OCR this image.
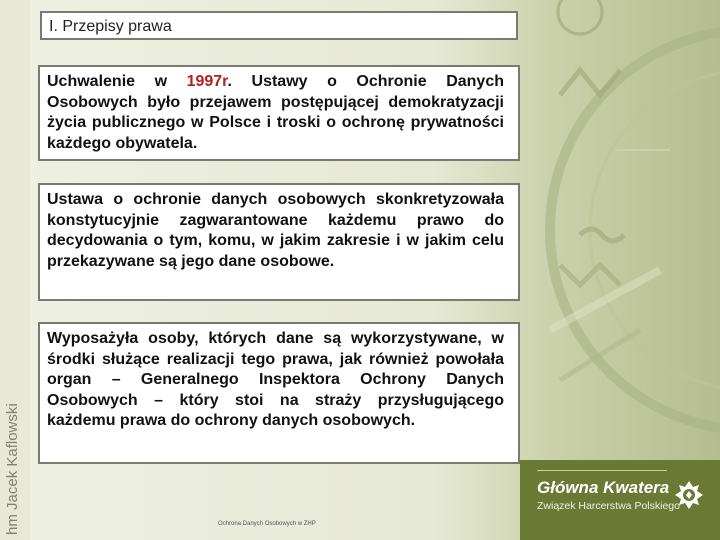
I. Przepisy prawa
Uchwalenie w 1997r. Ustawy o Ochronie Danych Osobowych było przejawem postępującej demokratyzacji życia publicznego w Polsce i troski o ochronę prywatności każdego obywatela.
Ustawa o ochronie danych osobowych skonkretyzowała konstytucyjnie zagwarantowane każdemu prawo do decydowania o tym, komu, w jakim zakresie i w jakim celu przekazywane są jego dane osobowe.
Wyposażyła osoby, których dane są wykorzystywane, w środki służące realizacji tego prawa, jak również powołała organ – Generalnego Inspektora Ochrony Danych Osobowych – który stoi na straży przysługującego każdemu prawa do ochrony danych osobowych.
hm Jacek Kaflowski	Ochrona Danych Osobowych w ZHP
Główna Kwatera
Związek Harcerstwa Polskiego
